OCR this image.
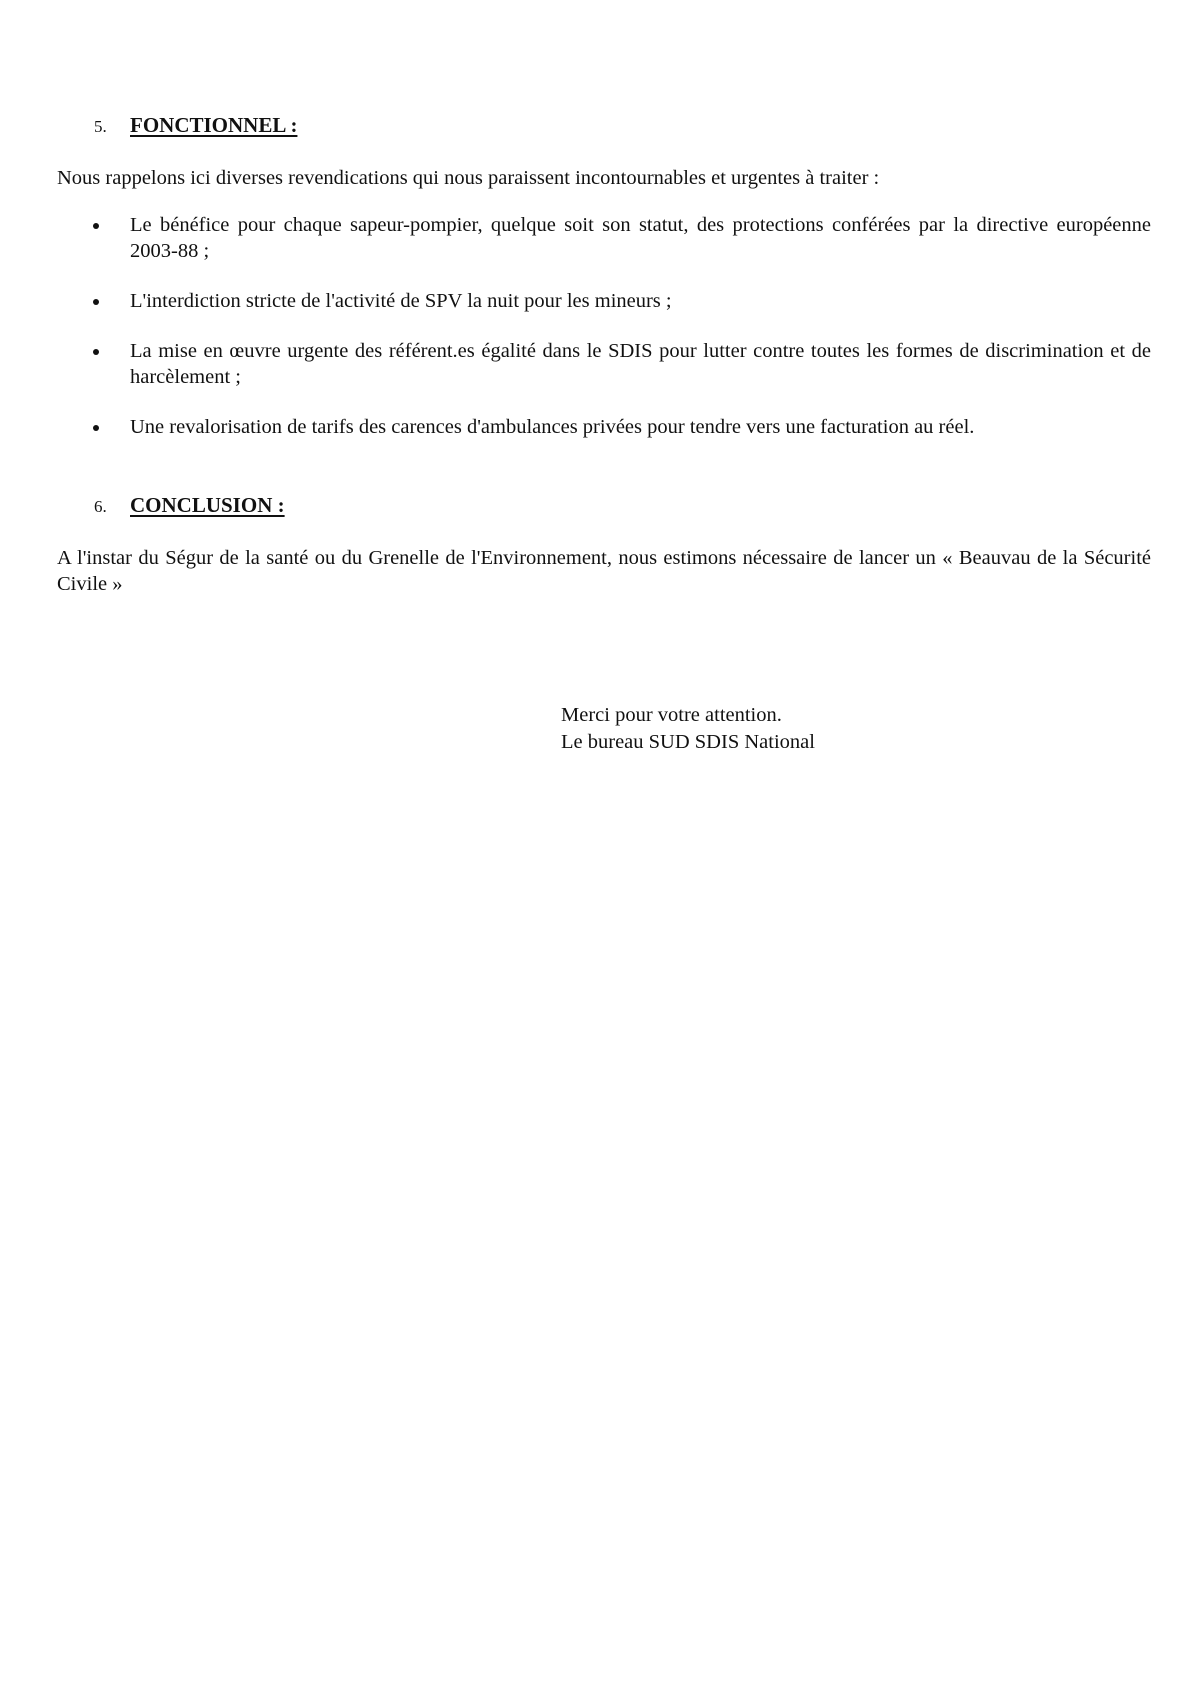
5.	FONCTIONNEL :
Nous rappelons ici diverses revendications qui nous paraissent incontournables et urgentes à traiter :
Le bénéfice pour chaque sapeur-pompier, quelque soit son statut, des protections conférées par la directive européenne 2003-88 ;
L'interdiction stricte de l'activité de SPV la nuit pour les mineurs ;
La mise en œuvre urgente des référent.es égalité dans le SDIS pour lutter contre toutes les formes de discrimination et de harcèlement ;
Une revalorisation de tarifs des carences d'ambulances privées pour tendre vers une facturation au réel.
6.	CONCLUSION :
A l'instar du Ségur de la santé ou du Grenelle de l'Environnement, nous estimons nécessaire de lancer un « Beauvau de la Sécurité Civile »
Merci pour votre attention.
Le bureau SUD SDIS National
